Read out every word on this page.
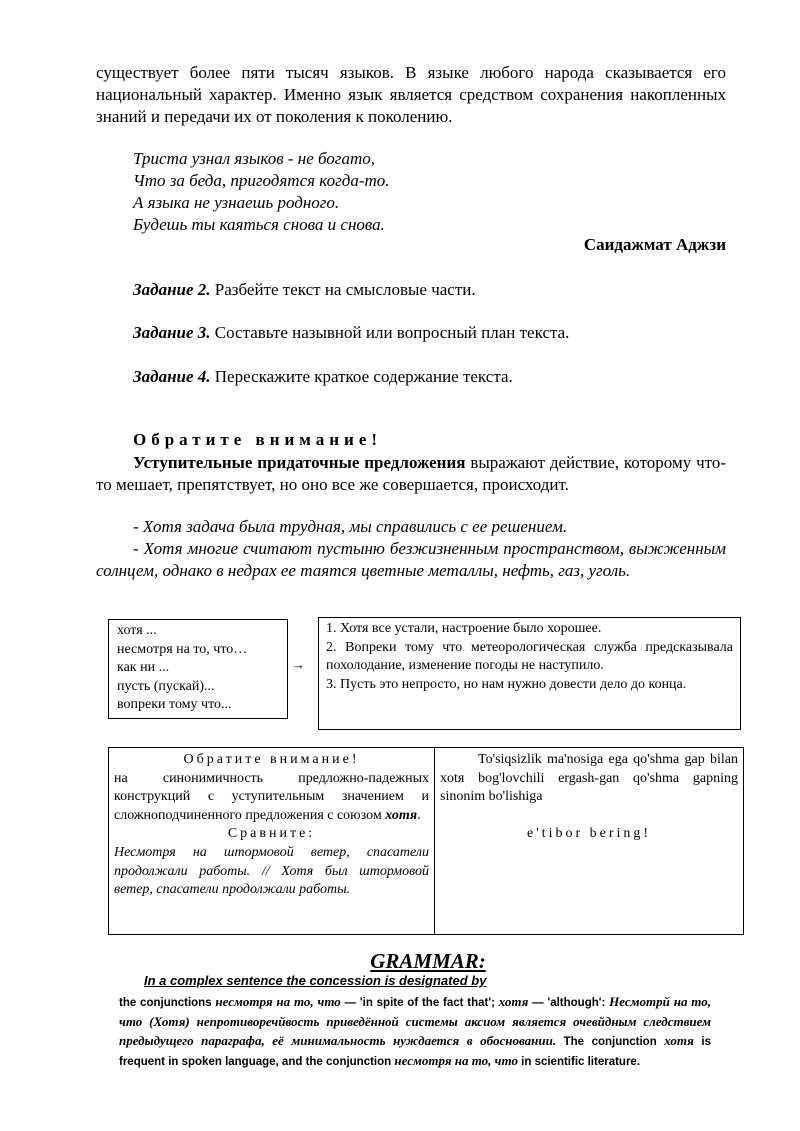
существует более пяти тысяч языков. В языке любого народа сказывается его национальный характер. Именно язык является средством сохранения накопленных знаний и передачи их от поколения к поколению.
Триста узнал языков - не богато,
Что за беда, пригодятся когда-то.
А языка не узнаешь родного.
Будешь ты каяться снова и снова.
Саидажмат Аджзи
Задание 2. Разбейте текст на смысловые части.
Задание 3. Составьте назывной или вопросный план текста.
Задание 4. Перескажите краткое содержание текста.
Обратите внимание!
Уступительные придаточные предложения выражают действие, которому что-то мешает, препятствует, но оно все же совершается, происходит.
- Хотя задача была трудная, мы справились с ее решением.
- Хотя многие считают пустыню безжизненным пространством, выжженным солнцем, однако в недрах ее таятся цветные металлы, нефть, газ, уголь.
хотя ...
несмотря на то, что…
как ни ...
пусть (пускай)...
вопреки тому что...
→
1. Хотя все устали, настроение было хорошее.
2. Вопреки тому что метеорологическая служба предсказывала похолодание, изменение погоды не наступило.
3. Пусть это непросто, но нам нужно довести дело до конца.
Обратите внимание!
на синонимичность предложно-падежных конструкций с уступительным значением и сложноподчиненного предложения с союзом хотя.
Сравните:
Несмотря на штормовой ветер, спасатели продолжали работы. // Хотя был штормовой ветер, спасатели продолжали работы.
To'siqsizlik ma'nosiga ega qo'shma gap bilan xotя bog'lovchili ergash-gan qo'shma gapning sinonim bo'lishiga
e'tibor bering!
GRAMMAR:
In a complex sentence the concession is designated by
the conjunctions несмотря на то, что — 'in spite of the fact that'; хотя — 'although': Несмотрй на то, что (Хотя) непротиворечйвость приведённой системы аксиом является очевйдным следствием предыдущего параграфа, её минимальность нуждается в обосновании. The conjunction хотя is frequent in spoken language, and the conjunction несмотря на то, что in scientific literature.
